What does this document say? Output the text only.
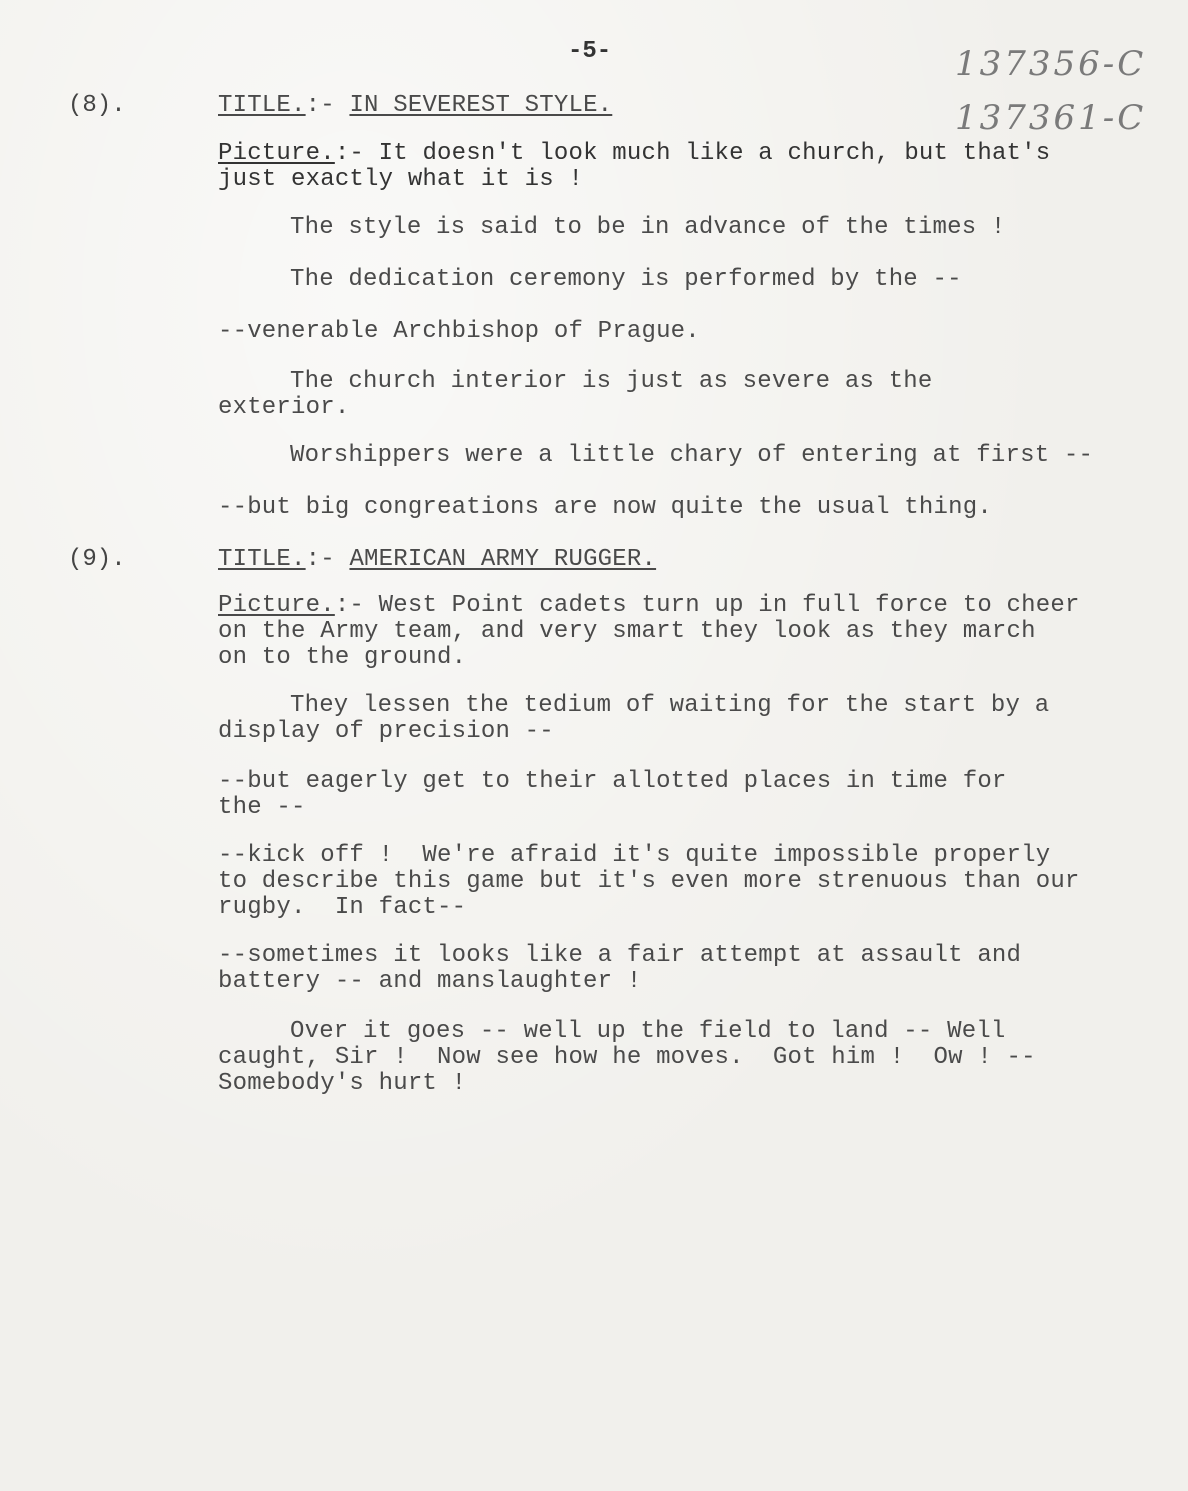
-5-	137356-C
137361-C
(8).	TITLE.:- IN SEVEREST STYLE.
Picture.:- It doesn't look much like a church, but that's
just exactly what it is !
The style is said to be in advance of the times !
The dedication ceremony is performed by the --
--venerable Archbishop of Prague.
The church interior is just as severe as the
exterior.
Worshippers were a little chary of entering at first --
--but big congreations are now quite the usual thing.
(9).	TITLE.:- AMERICAN ARMY RUGGER.
Picture.:- West Point cadets turn up in full force to cheer
on the Army team, and very smart they look as they march
on to the ground.
They lessen the tedium of waiting for the start by a
display of precision --
--but eagerly get to their allotted places in time for
the --
--kick off !  We're afraid it's quite impossible properly
to describe this game but it's even more strenuous than our
rugby.  In fact--
--sometimes it looks like a fair attempt at assault and
battery -- and manslaughter !
Over it goes -- well up the field to land -- Well
caught, Sir !  Now see how he moves.  Got him !  Ow ! --
Somebody's hurt !
